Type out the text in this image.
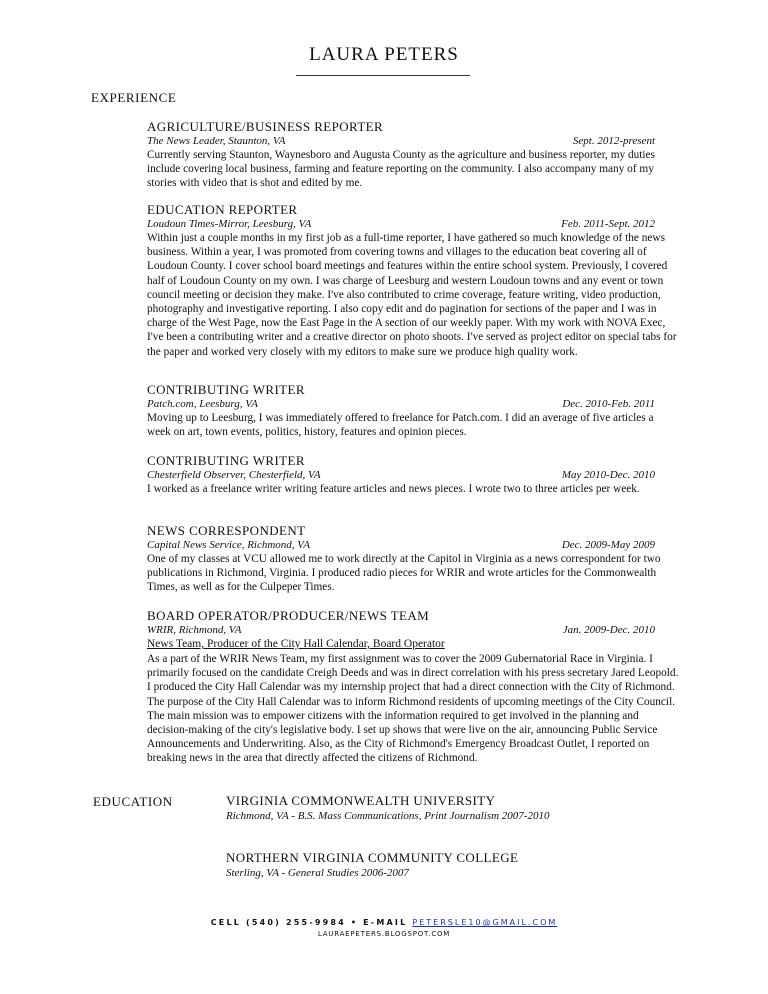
LAURA PETERS
EXPERIENCE
AGRICULTURE/BUSINESS REPORTER
The News Leader, Staunton, VA	Sept. 2012-present

Currently serving Staunton, Waynesboro and Augusta County as the agriculture and business reporter, my duties include covering local business, farming and feature reporting on the community. I also accompany many of my stories with video that is shot and edited by me.

EDUCATION REPORTER
Loudoun Times-Mirror, Leesburg, VA	Feb. 2011-Sept. 2012

Within just a couple months in my first job as a full-time reporter, I have gathered so much knowledge of the news business. Within a year, I was promoted from covering towns and villages to the education beat covering all of Loudoun County. I cover school board meetings and features within the entire school system. Previously, I covered half of Loudoun County on my own. I was charge of Leesburg and western Loudoun towns and any event or town council meeting or decision they make. I've also contributed to crime coverage, feature writing, video production, photography and investigative reporting. I also copy edit and do pagination for sections of the paper and I was in charge of the West Page, now the East Page in the A section of our weekly paper. With my work with NOVA Exec, I've been a contributing writer and a creative director on photo shoots. I've served as project editor on special tabs for the paper and worked very closely with my editors to make sure we produce high quality work.

CONTRIBUTING WRITER
Patch.com, Leesburg, VA	Dec. 2010-Feb. 2011

Moving up to Leesburg, I was immediately offered to freelance for Patch.com. I did an average of five articles a week on art, town events, politics, history, features and opinion pieces.

CONTRIBUTING WRITER
Chesterfield Observer, Chesterfield, VA	May 2010-Dec. 2010

I worked as a freelance writer writing feature articles and news pieces. I wrote two to three articles per week.

NEWS CORRESPONDENT
Capital News Service, Richmond, VA	Dec. 2009-May 2009

One of my classes at VCU allowed me to work directly at the Capitol in Virginia as a news correspondent for two publications in Richmond, Virginia. I produced radio pieces for WRIR and wrote articles for the Commonwealth Times, as well as for the Culpeper Times.

BOARD OPERATOR/PRODUCER/NEWS TEAM
WRIR, Richmond, VA	Jan. 2009-Dec. 2010
News Team, Producer of the City Hall Calendar, Board Operator

As a part of the WRIR News Team, my first assignment was to cover the 2009 Gubernatorial Race in Virginia. I primarily focused on the candidate Creigh Deeds and was in direct correlation with his press secretary Jared Leopold. I produced the City Hall Calendar was my internship project that had a direct connection with the City of Richmond. The purpose of the City Hall Calendar was to inform Richmond residents of upcoming meetings of the City Council. The main mission was to empower citizens with the information required to get involved in the planning and decision-making of the city's legislative body. I set up shows that were live on the air, announcing Public Service Announcements and Underwriting. Also, as the City of Richmond's Emergency Broadcast Outlet, I reported on breaking news in the area that directly affected the citizens of Richmond.

EDUCATION	VIRGINIA COMMONWEALTH UNIVERSITY
Richmond, VA - B.S. Mass Communications, Print Journalism 2007-2010
NORTHERN VIRGINIA COMMUNITY COLLEGE
Sterling, VA - General Studies 2006-2007
CELL (540) 255-9984 • E-MAIL PETERSLE10@GMAIL.COM
LAURAEPETERS.BLOGSPOT.COM
